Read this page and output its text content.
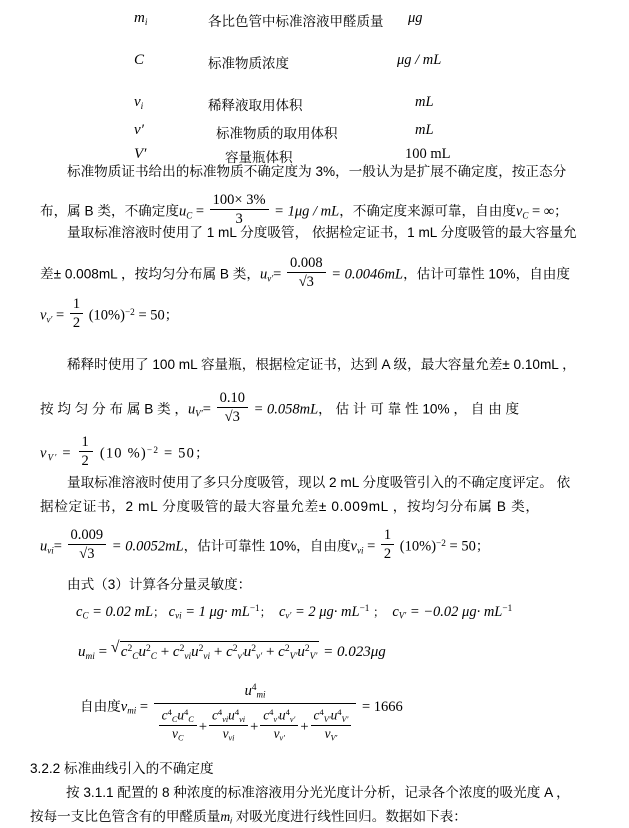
$m_i$	各比色管中标准溶液甲醛质量 μg
C	标准物质浓度	μg / mL
$v_i$	稀释液取用体积	mL
v′	标准物质的取用体积	mL
V′	容量瓶体积	100 mL
标准物质证书给出的标准物质不确定度为 3%，一般认为是扩展不确定度，按正态分
布，属 B 类，不确定度$u_C = \frac{100\times 3\%}{3} = 1\mu g$ / mL，不确定度来源可靠，自由度$\nu_C$ = ∞；
量取标准溶液时使用了 1 mL 分度吸管， 依据检定证书，1 mL 分度吸管的最大容量允
差± 0.008mL ，按均匀分布属 B 类，$u_{v'}= \frac{0.008}{√3} = 0.0046mL$，估计可靠性 10%，自由度
$\nu_{v'} = \frac{1}{2} (10\%)^{-2} = 50$；
稀释时使用了 100 mL 容量瓶，根据检定证书，达到 A 级，最大容量允差± 0.10mL ，
按 均 匀 分 布 属 B 类 ，$u_{V'}= \frac{0.10}{√3} = 0.058mL$， 估 计 可 靠 性 10% ， 自 由 度
$\nu_{V'} = \frac{1}{2} (10$ %)$^{-2}$ = 50；
量取标准溶液时使用了多只分度吸管，现以 2 mL 分度吸管引入的不确定度评定。 依
据检定证书，2 mL 分度吸管的最大容量允差± 0.009mL ，按均匀分布属 B 类，
$u_{vi}= \frac{0.009}{√3} = 0.0052mL$，估计可靠性 10%，自由度$\nu_{vi} = \frac{1}{2} (10\%)^{-2} = 50$；
由式（3）计算各分量灵敏度：
$c_C = 0.02$ mL； $c_{vi} = 1$ $\mu g\cdot mL^{-1}$； $c_{v'} = 2$ $\mu g\cdot mL^{-1}$ ； $c_{V'} = -0.02$ $\mu g\cdot mL^{-1}$
$u_{mi}$ = √ $c^2_Cu^2_C + c^2_{vi}u^2_{vi} + c^2_{v'}u^2_{v'} + c^2_{V'}u^2_{V'} = 0.023\mu g$
自由度$\nu_{mi}$ =
$u^4_{mi}$
$\frac{c^4_Cu^4_C}{\nu_C} + \frac{c^4_{vi}u^4_{vi}}{\nu_{vi}} + \frac{c^4_{v'}u^4_{v'}}{\nu_{v'}} + \frac{c^4_{V'}u^4_{V'}}{\nu_{V'}}$
= 1666
3.2.2 标准曲线引入的不确定度
按 3.1.1 配置的 8 种浓度的标准溶液用分光光度计分析，记录各个浓度的吸光度 A ，
按每一支比色管含有的甲醛质量$m_i$ 对吸光度进行线性回归。数据如下表：
